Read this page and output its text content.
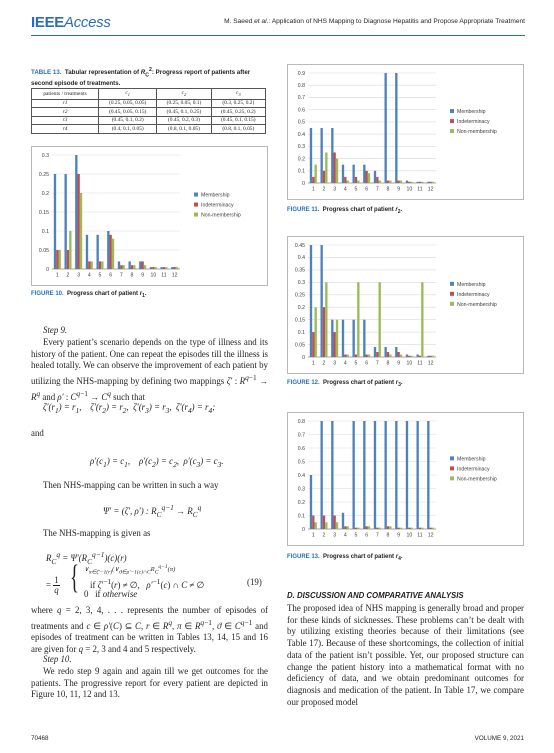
IEEEAccess	M. Saeed et al.: Application of NHS Mapping to Diagnose Hepatitis and Propose Appropriate Treatment
TABLE 13.  Tabular representation of $R_C^2$: Progress report of patients after second episode of treatments.
patients / treatments	$c_1$	$c_2$	$c_3$
r1	(0.25, 0.05, 0.05)	(0.25, 0.05, 0.1)	(0.3, 0.25, 0.2)
r2	(0.45, 0.05, 0.15)	(0.45, 0.1, 0.25)	(0.45, 0.25, 0.2)
r3	(0.45, 0.1, 0.2)	(0.45, 0.2, 0.3)	(0.45, 0.1, 0.15)
r4	(0.4, 0.1, 0.05)	(0.8, 0.1, 0.05)	(0.8, 0.1, 0.05)
0
0.05
0.1
0.15
0.2
0.25
0.3
1 2 3 4 5 6 7 8 9 10 11 12
Membership
Indeterminacy
Non-membership
FIGURE 10.  Progress chart of patient $r_1$.
0
0.1
0.2
0.3
0.4
0.5
0.6
0.7
0.8
0.9
1 2 3 4 5 6 7 8 9 10 11 12
Membership
Indeterminacy
Non-membership
FIGURE 11.  Progress chart of patient $r_2$.
0
0.05
0.1
0.15
0.2
0.25
0.3
0.35
0.4
0.45
1 2 3 4 5 6 7 8 9 10 11 12
Membership
Indeterminacy
Non-membership
FIGURE 12.  Progress chart of patient $r_3$.
0
0.1
0.2
0.3
0.4
0.5
0.6
0.7
0.8
1 2 3 4 5 6 7 8 9 10 11 12
Membership
Indeterminacy
Non-membership
FIGURE 13.  Progress chart of patient $r_4$.
Step 9.
Every patient’s scenario depends on the type of illness and its history of the patient. One can repeat the episodes till the illness is healed totally. We can observe the improvement of each patient by utilizing the NHS-mapping by defining two mappings ζ′ : $R^{q-1} \to R^q$ and ρ′ : $C^{q-1} \to C^q$ such that
$\zeta'(r_1) = r_1$,    $\zeta'(r_2) = r_2$,  $\zeta'(r_3) = r_3$,  $\zeta'(r_4) = r_4$;
and
$\rho'(c_1) = c_1$,    $\rho'(c_2) = c_2$,  $\rho'(c_3) = c_3$.
Then NHS-mapping can be written in such a way
Ψ′ = (ζ′, ρ′) : $R_C^{q-1} \to R_C^q$
The NHS-mapping is given as
$R_C^q = \Psi'(R_C^{q-1})(c)(r)$
= 1
q { $\vee_{\pi\in\zeta'-1(r)}(\vee_{ϑ\in\rho'-1(c)\cap C}R_C^{q-1}(\pi)$
if $\zeta'^{-1}(r)$ ≠ ∅,   $\rho'^{-1}(c)$ ∩ C ≠ ∅
0   if otherwise
(19)
where q = 2, 3, 4, . . . represents the number of episodes of treatments and c ∈ ρ′(C) ⊆ C, r ∈ $R^q$, π ∈ $R^{q-1}$, ϑ ∈ $C^{q-1}$ and episodes of treatment can be written in Tables 13, 14, 15 and 16 are given for q = 2, 3 and 4 and 5 respectively.
Step 10.
We redo step 9 again and again till we get outcomes for the patients. The progressive report for every patient are depicted in Figure 10, 11, 12 and 13.
D. DISCUSSION AND COMPARATIVE ANALYSIS
The proposed idea of NHS mapping is generally broad and proper for these kinds of sicknesses. These problems can’t be dealt with by utilizing existing theories because of their limitations (see Table 17). Because of these shortcomings, the collection of initial data of the patient isn’t possible. Yet, our proposed structure can change the patient history into a mathematical format with no deficiency of data, and we obtain predominant outcomes for diagnosis and medication of the patient. In Table 17, we compare our proposed model
70468	VOLUME 9, 2021
